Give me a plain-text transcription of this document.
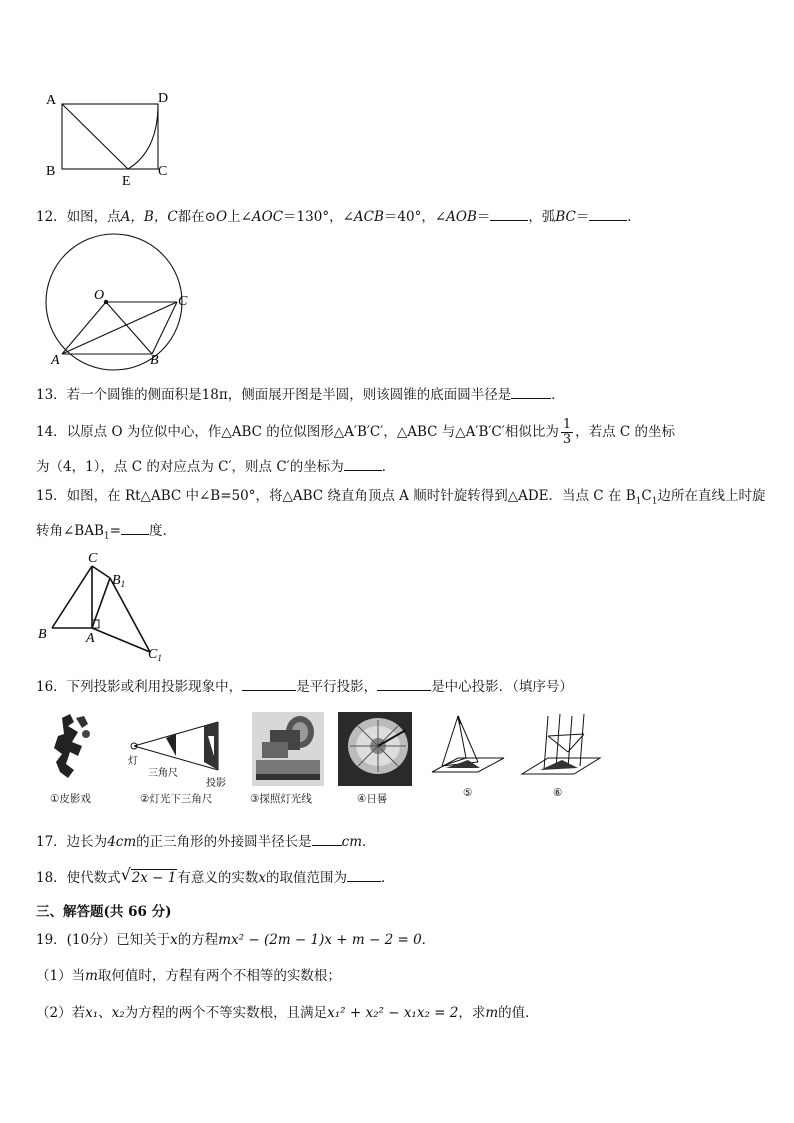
A	D
B
E
C
12．如图，点A，B，C都在⊙O上∠AOC＝130°，∠ACB＝40°，∠AOB＝	，弧BC＝	．
O	C
A	B
13．若一个圆锥的侧面积是18π，侧面展开图是半圆，则该圆锥的底面圆半径是	．
14．以原点 O 为位似中心，作△ABC 的位似图形△A′B′C′，△ABC 与△A′B′C′相似比为 $\frac{1}{3}$ ，若点 C 的坐标
为（4，1），点 C 的对应点为 C′，则点 C′的坐标为	．
15．如图，在 Rt△ABC 中∠B=50°，将△ABC 绕直角顶点 A 顺时针旋转得到△ADE．当点 C 在 $B_1C_1$边所在直线上时旋
转角$\angle BAB_1=$ 度.
C
$B_1$
B	A
$C_1$
16．下列投影或利用投影现象中，	是平行投影，	是中心投影．（填序号）
灯
三角尺
投影
①皮影戏	②灯光下三角尺	③探照灯光线	④日晷	⑤	⑥
17．边长为4cm的正三角形的外接圆半径长是 cm．
18．使代数式 √ 2x − 1有意义的实数x的取值范围为	．
三、解答题(共 66 分)
19．(10分）已知关于x的方程mx² − (2m − 1)x + m − 2 = 0．
（1）当m取何值时，方程有两个不相等的实数根；
（2）若x₁、x₂为方程的两个不等实数根，且满足x₁² + x₂² − x₁x₂ = 2，求m的值．
